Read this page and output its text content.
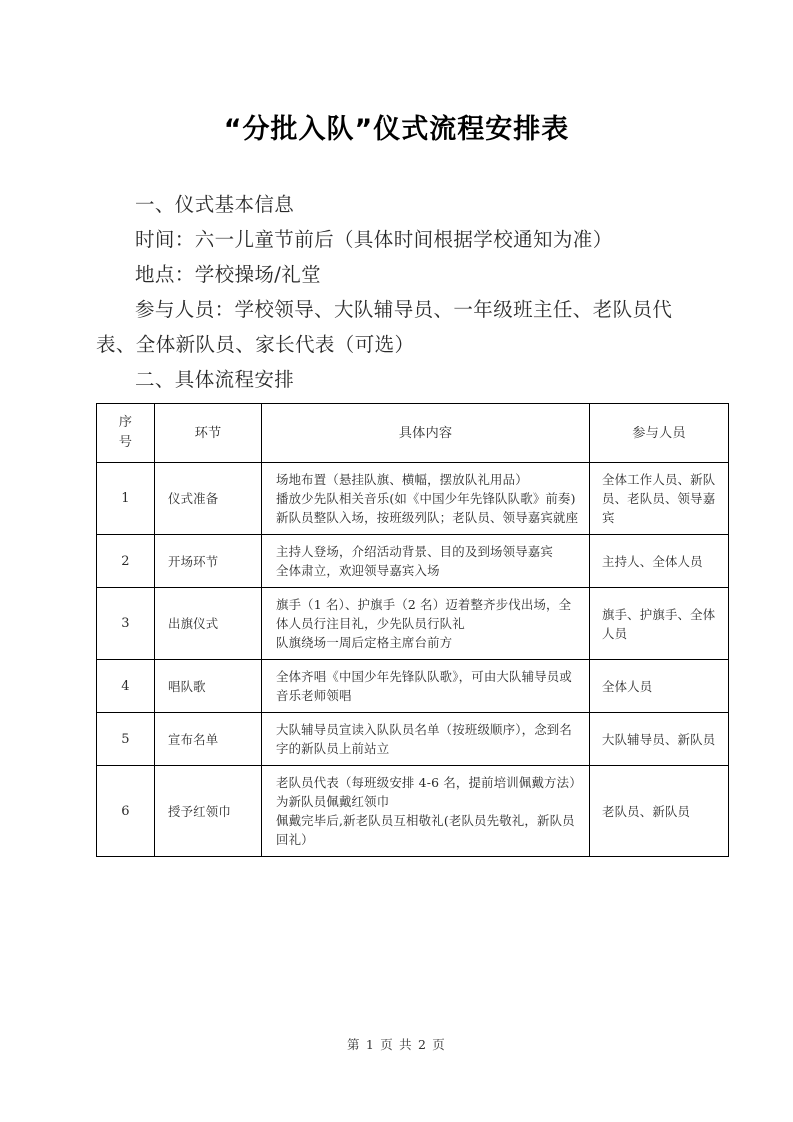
“分批入队”仪式流程安排表

一、仪式基本信息

时间：六一儿童节前后（具体时间根据学校通知为准）

地点：学校操场/礼堂

参与人员：学校领导、大队辅导员、一年级班主任、老队员代表、全体新队员、家长代表（可选）

二、具体流程安排

序
号	环节	具体内容	参与人员
1	仪式准备	场地布置（悬挂队旗、横幅，摆放队礼用品）
播放少先队相关音乐(如《中国少年先锋队队歌》前奏)
新队员整队入场，按班级列队；老队员、领导嘉宾就座	全体工作人员、新队员、老队员、领导嘉宾
2	开场环节	主持人登场，介绍活动背景、目的及到场领导嘉宾
全体肃立，欢迎领导嘉宾入场	主持人、全体人员
3	出旗仪式	旗手（1 名）、护旗手（2 名）迈着整齐步伐出场，全体人员行注目礼，少先队员行队礼
队旗绕场一周后定格主席台前方	旗手、护旗手、全体人员
4	唱队歌	全体齐唱《中国少年先锋队队歌》，可由大队辅导员或音乐老师领唱	全体人员
5	宣布名单	大队辅导员宣读入队队员名单（按班级顺序），念到名字的新队员上前站立	大队辅导员、新队员
6	授予红领巾	老队员代表（每班级安排 4-6 名，提前培训佩戴方法）为新队员佩戴红领巾
佩戴完毕后,新老队员互相敬礼(老队员先敬礼，新队员回礼）	老队员、新队员
第 1 页 共 2 页
